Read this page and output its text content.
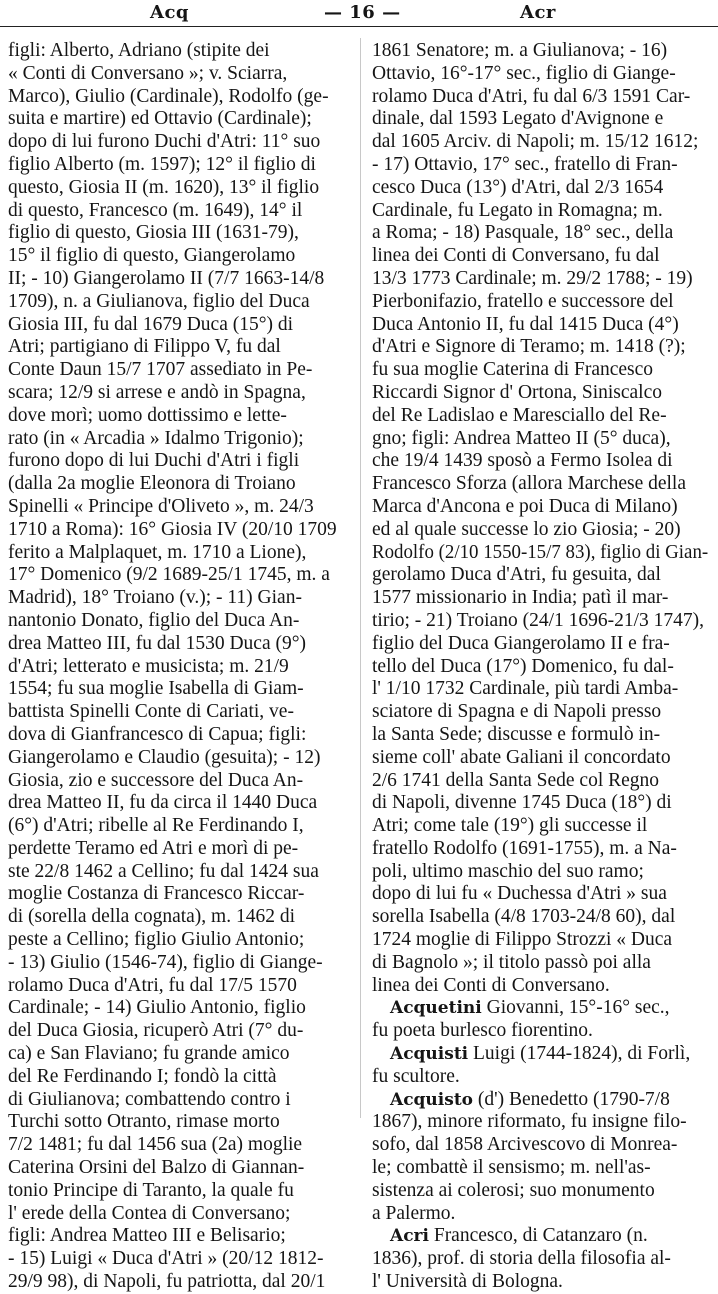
Acq	— 16 —	Acr
figli: Alberto, Adriano (stipite dei
« Conti di Conversano »; v. Sciarra,
Marco), Giulio (Cardinale), Rodolfo (ge-
suita e martire) ed Ottavio (Cardinale);
dopo di lui furono Duchi d'Atri: 11° suo
figlio Alberto (m. 1597); 12° il figlio di
questo, Giosia II (m. 1620), 13° il figlio
di questo, Francesco (m. 1649), 14° il
figlio di questo, Giosia III (1631-79),
15° il figlio di questo, Giangerolamo
II; - 10) Giangerolamo II (7/7 1663-14/8
1709), n. a Giulianova, figlio del Duca
Giosia III, fu dal 1679 Duca (15°) di
Atri; partigiano di Filippo V, fu dal
Conte Daun 15/7 1707 assediato in Pe-
scara; 12/9 si arrese e andò in Spagna,
dove morì; uomo dottissimo e lette-
rato (in « Arcadia » Idalmo Trigonio);
furono dopo di lui Duchi d'Atri i figli
(dalla 2a moglie Eleonora di Troiano
Spinelli « Principe d'Oliveto », m. 24/3
1710 a Roma): 16° Giosia IV (20/10 1709
ferito a Malplaquet, m. 1710 a Lione),
17° Domenico (9/2 1689-25/1 1745, m. a
Madrid), 18° Troiano (v.); - 11) Gian-
nantonio Donato, figlio del Duca An-
drea Matteo III, fu dal 1530 Duca (9°)
d'Atri; letterato e musicista; m. 21/9
1554; fu sua moglie Isabella di Giam-
battista Spinelli Conte di Cariati, ve-
dova di Gianfrancesco di Capua; figli:
Giangerolamo e Claudio (gesuita); - 12)
Giosia, zio e successore del Duca An-
drea Matteo II, fu da circa il 1440 Duca
(6°) d'Atri; ribelle al Re Ferdinando I,
perdette Teramo ed Atri e morì di pe-
ste 22/8 1462 a Cellino; fu dal 1424 sua
moglie Costanza di Francesco Riccar-
di (sorella della cognata), m. 1462 di
peste a Cellino; figlio Giulio Antonio;
- 13) Giulio (1546-74), figlio di Giange-
rolamo Duca d'Atri, fu dal 17/5 1570
Cardinale; - 14) Giulio Antonio, figlio
del Duca Giosia, ricuperò Atri (7° du-
ca) e San Flaviano; fu grande amico
del Re Ferdinando I; fondò la città
di Giulianova; combattendo contro i
Turchi sotto Otranto, rimase morto
7/2 1481; fu dal 1456 sua (2a) moglie
Caterina Orsini del Balzo di Giannan-
tonio Principe di Taranto, la quale fu
l' erede della Contea di Conversano;
figli: Andrea Matteo III e Belisario;
- 15) Luigi « Duca d'Atri » (20/12 1812-
29/9 98), di Napoli, fu patriotta, dal 20/1
1861 Senatore; m. a Giulianova; - 16)
Ottavio, 16°-17° sec., figlio di Giange-
rolamo Duca d'Atri, fu dal 6/3 1591 Car-
dinale, dal 1593 Legato d'Avignone e
dal 1605 Arciv. di Napoli; m. 15/12 1612;
- 17) Ottavio, 17° sec., fratello di Fran-
cesco Duca (13°) d'Atri, dal 2/3 1654
Cardinale, fu Legato in Romagna; m.
a Roma; - 18) Pasquale, 18° sec., della
linea dei Conti di Conversano, fu dal
13/3 1773 Cardinale; m. 29/2 1788; - 19)
Pierbonifazio, fratello e successore del
Duca Antonio II, fu dal 1415 Duca (4°)
d'Atri e Signore di Teramo; m. 1418 (?);
fu sua moglie Caterina di Francesco
Riccardi Signor d' Ortona, Siniscalco
del Re Ladislao e Maresciallo del Re-
gno; figli: Andrea Matteo II (5° duca),
che 19/4 1439 sposò a Fermo Isolea di
Francesco Sforza (allora Marchese della
Marca d'Ancona e poi Duca di Milano)
ed al quale successe lo zio Giosia; - 20)
Rodolfo (2/10 1550-15/7 83), figlio di Gian-
gerolamo Duca d'Atri, fu gesuita, dal
1577 missionario in India; patì il mar-
tirio; - 21) Troiano (24/1 1696-21/3 1747),
figlio del Duca Giangerolamo II e fra-
tello del Duca (17°) Domenico, fu dal-
l' 1/10 1732 Cardinale, più tardi Amba-
sciatore di Spagna e di Napoli presso
la Santa Sede; discusse e formulò in-
sieme coll' abate Galiani il concordato
2/6 1741 della Santa Sede col Regno
di Napoli, divenne 1745 Duca (18°) di
Atri; come tale (19°) gli successe il
fratello Rodolfo (1691-1755), m. a Na-
poli, ultimo maschio del suo ramo;
dopo di lui fu « Duchessa d'Atri » sua
sorella Isabella (4/8 1703-24/8 60), dal
1724 moglie di Filippo Strozzi « Duca
di Bagnolo »; il titolo passò poi alla
linea dei Conti di Conversano.
Acquetini Giovanni, 15°-16° sec.,
fu poeta burlesco fiorentino.
Acquisti Luigi (1744-1824), di Forlì,
fu scultore.
Acquisto (d') Benedetto (1790-7/8
1867), minore riformato, fu insigne filo-
sofo, dal 1858 Arcivescovo di Monrea-
le; combattè il sensismo; m. nell'as-
sistenza ai colerosi; suo monumento
a Palermo.
Acri Francesco, di Catanzaro (n.
1836), prof. di storia della filosofia al-
l' Università di Bologna.
